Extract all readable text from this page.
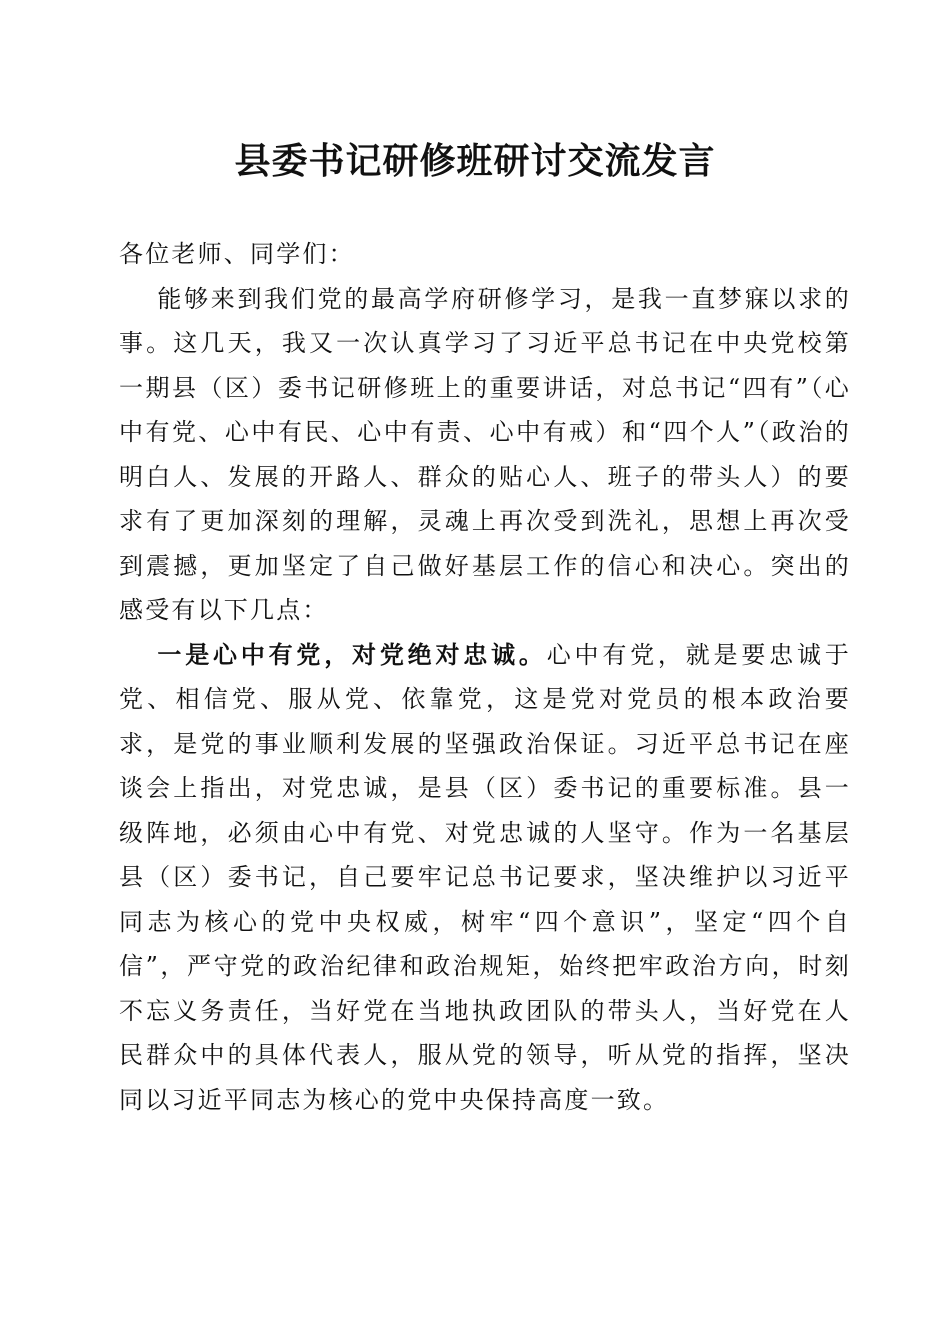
县委书记研修班研讨交流发言

各位老师、同学们：

能够来到我们党的最高学府研修学习，是我一直梦寐以求的事。这几天，我又一次认真学习了习近平总书记在中央党校第一期县（区）委书记研修班上的重要讲话，对总书记“四有”（心中有党、心中有民、心中有责、心中有戒）和“四个人”（政治的明白人、发展的开路人、群众的贴心人、班子的带头人）的要求有了更加深刻的理解，灵魂上再次受到洗礼，思想上再次受到震撼，更加坚定了自己做好基层工作的信心和决心。突出的感受有以下几点：

一是心中有党，对党绝对忠诚。心中有党，就是要忠诚于党、相信党、服从党、依靠党，这是党对党员的根本政治要求，是党的事业顺利发展的坚强政治保证。习近平总书记在座谈会上指出，对党忠诚，是县（区）委书记的重要标准。县一级阵地，必须由心中有党、对党忠诚的人坚守。作为一名基层县（区）委书记，自己要牢记总书记要求，坚决维护以习近平同志为核心的党中央权威，树牢“四个意识”，坚定“四个自信”，严守党的政治纪律和政治规矩，始终把牢政治方向，时刻不忘义务责任，当好党在当地执政团队的带头人，当好党在人民群众中的具体代表人，服从党的领导，听从党的指挥，坚决同以习近平同志为核心的党中央保持高度一致。
